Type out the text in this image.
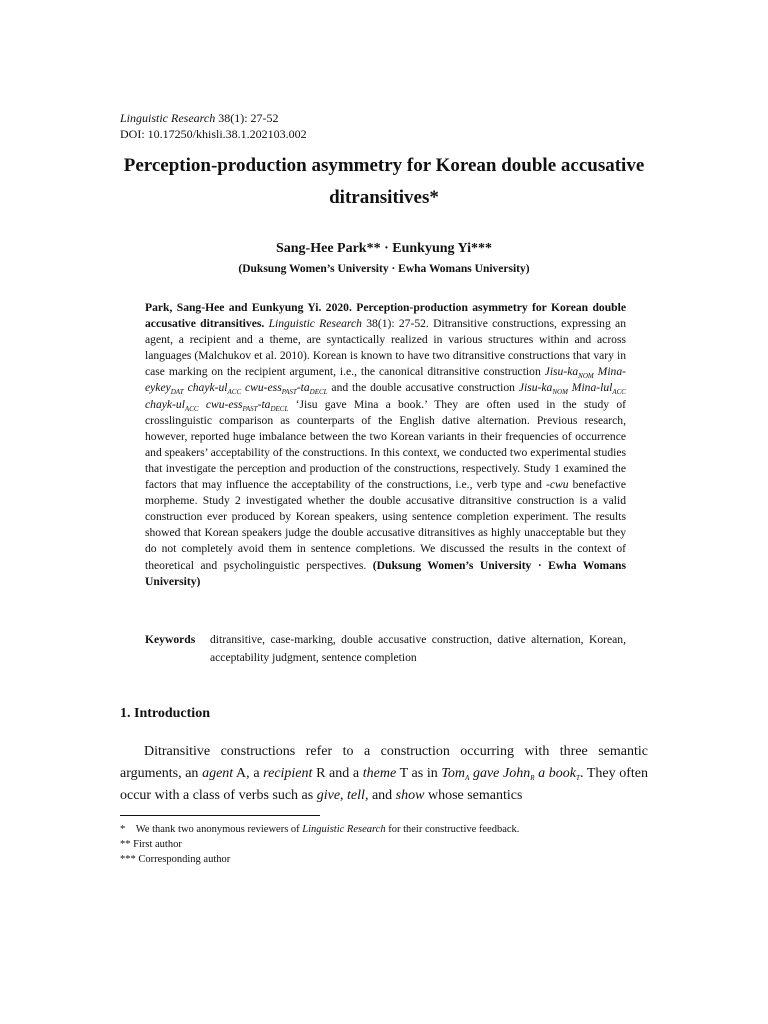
Linguistic Research 38(1): 27-52
DOI: 10.17250/khisli.38.1.202103.002
Perception-production asymmetry for Korean double accusative
ditransitives*
Sang-Hee Park** · Eunkyung Yi***
(Duksung Women’s University · Ewha Womans University)

Park, Sang-Hee and Eunkyung Yi. 2020. Perception-production asymmetry for Korean double accusative ditransitives. Linguistic Research 38(1): 27-52. Ditransitive constructions, expressing an agent, a recipient and a theme, are syntactically realized in various structures within and across languages (Malchukov et al. 2010). Korean is known to have two ditransitive constructions that vary in case marking on the recipient argument, i.e., the canonical ditransitive construction Jisu-$ka_{NOM}$ Mina-eykey$_{DAT}$ chayk-$ul_{ACC}$ cwu-$ess_{PAST}-ta_{DECL}$ and the double accusative construction Jisu-$ka_{NOM}$ Mina-lul$_{ACC}$ chayk-$ul_{ACC}$ cwu-$ess_{PAST}-ta_{DECL}$ ‘Jisu gave Mina a book.’ They are often used in the study of crosslinguistic comparison as counterparts of the English dative alternation. Previous research, however, reported huge imbalance between the two Korean variants in their frequencies of occurrence and speakers’ acceptability of the constructions. In this context, we conducted two experimental studies that investigate the perception and production of the constructions, respectively. Study 1 examined the factors that may influence the acceptability of the constructions, i.e., verb type and -cwu benefactive morpheme. Study 2 investigated whether the double accusative ditransitive construction is a valid construction ever produced by Korean speakers, using sentence completion experiment. The results showed that Korean speakers judge the double accusative ditransitives as highly unacceptable but they do not completely avoid them in sentence completions. We discussed the results in the context of theoretical and psycholinguistic perspectives. (Duksung Women’s University · Ewha Womans University)

Keywords ditransitive, case-marking, double accusative construction, dative alternation, Korean, acceptability judgment, sentence completion
1. Introduction

Ditransitive constructions refer to a construction occurring with three semantic arguments, an agent A, a recipient R and a theme T as in Tom$_A$ gave John$_R$ a book$_T$. They often occur with a class of verbs such as give, tell, and show whose semantics

* We thank two anonymous reviewers of Linguistic Research for their constructive feedback.
** First author
*** Corresponding author
